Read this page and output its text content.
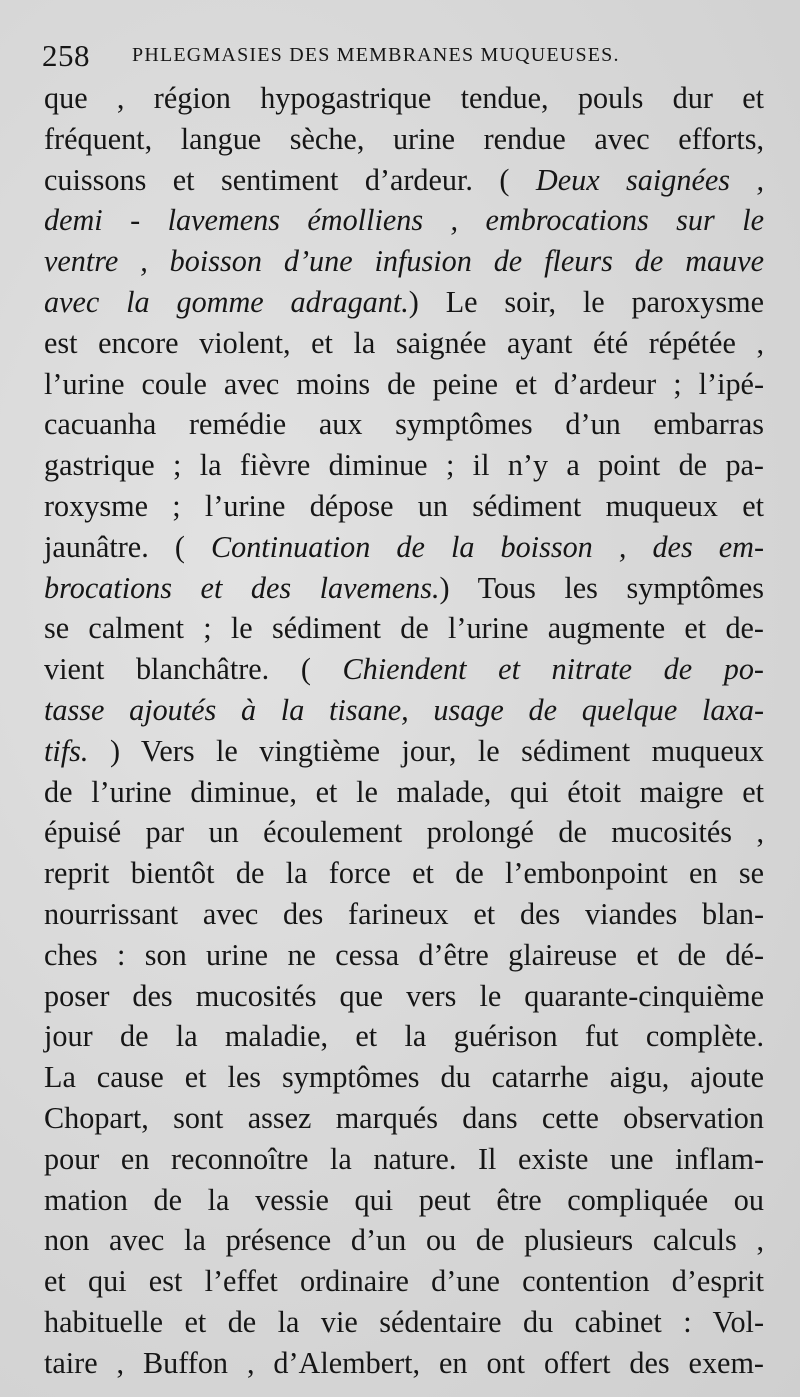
258 PHLEGMASIES DES MEMBRANES MUQUEUSES.
que , région hypogastrique tendue, pouls dur et
fréquent, langue sèche, urine rendue avec efforts,
cuissons et sentiment d’ardeur. ( Deux saignées ,
demi - lavemens émolliens , embrocations sur le
ventre , boisson d’une infusion de fleurs de mauve
avec la gomme adragant.) Le soir, le paroxysme
est encore violent, et la saignée ayant été répétée ,
l’urine coule avec moins de peine et d’ardeur ; l’ipé-
cacuanha remédie aux symptômes d’un embarras
gastrique ; la fièvre diminue ; il n’y a point de pa-
roxysme ; l’urine dépose un sédiment muqueux et
jaunâtre. ( Continuation de la boisson , des em-
brocations et des lavemens.) Tous les symptômes
se calment ; le sédiment de l’urine augmente et de-
vient blanchâtre. ( Chiendent et nitrate de po-
tasse ajoutés à la tisane, usage de quelque laxa-
tifs. ) Vers le vingtième jour, le sédiment muqueux
de l’urine diminue, et le malade, qui étoit maigre et
épuisé par un écoulement prolongé de mucosités ,
reprit bientôt de la force et de l’embonpoint en se
nourrissant avec des farineux et des viandes blan-
ches : son urine ne cessa d’être glaireuse et de dé-
poser des mucosités que vers le quarante-cinquième
jour de la maladie, et la guérison fut complète.
La cause et les symptômes du catarrhe aigu, ajoute
Chopart, sont assez marqués dans cette observation
pour en reconnoître la nature. Il existe une inflam-
mation de la vessie qui peut être compliquée ou
non avec la présence d’un ou de plusieurs calculs ,
et qui est l’effet ordinaire d’une contention d’esprit
habituelle et de la vie sédentaire du cabinet : Vol-
taire , Buffon , d’Alembert, en ont offert des exem-
